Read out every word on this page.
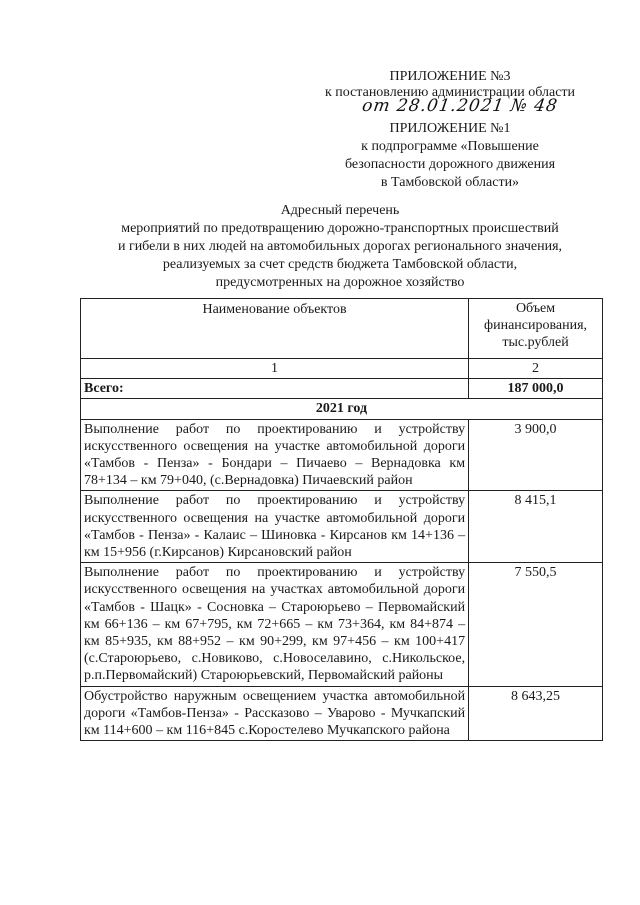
ПРИЛОЖЕНИЕ №3
к постановлению администрации области
от 28.01.2021 № 48
ПРИЛОЖЕНИЕ №1
к подпрограмме «Повышение
безопасности дорожного движения
в Тамбовской области»
Адресный перечень
мероприятий по предотвращению дорожно-транспортных происшествий
и гибели в них людей на автомобильных дорогах регионального значения,
реализуемых за счет средств бюджета Тамбовской области,
предусмотренных на дорожное хозяйство
Наименование объектов	Объем финансирования, тыс.рублей
1	2
Всего:	187 000,0
2021 год	
Выполнение работ по проектированию и устройству искусственного освещения на участке автомобильной дороги «Тамбов - Пенза» - Бондари – Пичаево – Вернадовка км 78+134 – км 79+040, (с.Вернадовка) Пичаевский район	3 900,0
Выполнение работ по проектированию и устройству искусственного освещения на участке автомобильной дороги «Тамбов - Пенза» - Калаис – Шиновка - Кирсанов км 14+136 – км 15+956 (г.Кирсанов) Кирсановский район	8 415,1
Выполнение работ по проектированию и устройству искусственного освещения на участках автомобильной дороги «Тамбов - Шацк» - Сосновка – Староюрьево – Первомайский км 66+136 – км 67+795, км 72+665 – км 73+364, км 84+874 – км 85+935, км 88+952 – км 90+299, км 97+456 – км 100+417 (с.Староюрьево, с.Новиково, с.Новоселавино, с.Никольское, р.п.Первомайский) Староюрьевский, Первомайский районы	7 550,5
Обустройство наружным освещением участка автомобильной дороги «Тамбов-Пенза» - Рассказово – Уварово - Мучкапский км 114+600 – км 116+845 с.Коростелево Мучкапского района	8 643,25
